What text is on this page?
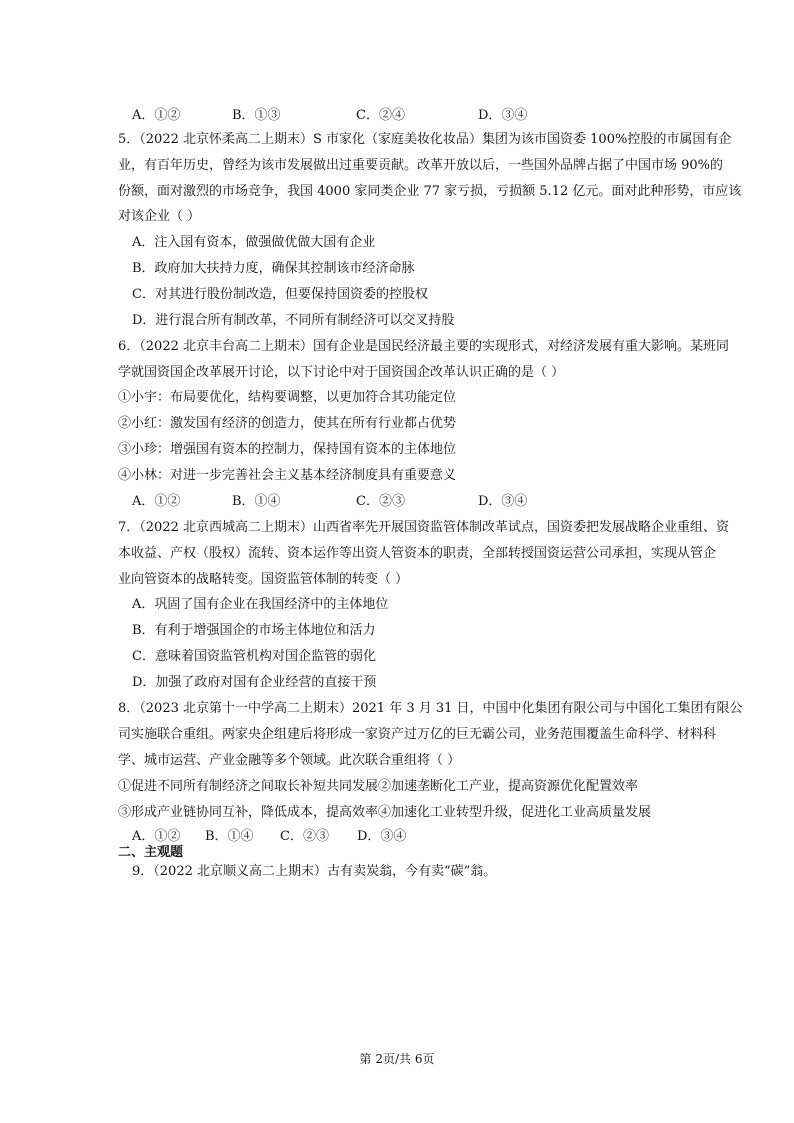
A．①②	B．①③	C．②④	D．③④
5．（2022 北京怀柔高二上期末）S 市家化（家庭美妆化妆品）集团为该市国资委 100%控股的市属国有企
业，有百年历史，曾经为该市发展做出过重要贡献。改革开放以后，一些国外品牌占据了中国市场 90%的
份额，面对激烈的市场竞争，我国 4000 家同类企业 77 家亏损，亏损额 5.12 亿元。面对此种形势，市应该
对该企业（ ）
A．注入国有资本，做强做优做大国有企业
B．政府加大扶持力度，确保其控制该市经济命脉
C．对其进行股份制改造，但要保持国资委的控股权
D．进行混合所有制改革，不同所有制经济可以交叉持股
6．（2022 北京丰台高二上期末）国有企业是国民经济最主要的实现形式，对经济发展有重大影响。某班同
学就国资国企改革展开讨论，以下讨论中对于国资国企改革认识正确的是（ ）
①小宇：布局要优化，结构要调整，以更加符合其功能定位
②小红：激发国有经济的创造力，使其在所有行业都占优势
③小珍：增强国有资本的控制力，保持国有资本的主体地位
④小林：对进一步完善社会主义基本经济制度具有重要意义
A．①②	B．①④	C．②③	D．③④
7．（2022 北京西城高二上期末）山西省率先开展国资监管体制改革试点，国资委把发展战略企业重组、资
本收益、产权（股权）流转、资本运作等出资人管资本的职责，全部转授国资运营公司承担，实现从管企
业向管资本的战略转变。国资监管体制的转变（ ）
A．巩固了国有企业在我国经济中的主体地位
B．有利于增强国企的市场主体地位和活力
C．意味着国资监管机构对国企监管的弱化
D．加强了政府对国有企业经营的直接干预
8．（2023 北京第十一中学高二上期末）2021 年 3 月 31 日，中国中化集团有限公司与中国化工集团有限公
司实施联合重组。两家央企组建后将形成一家资产过万亿的巨无霸公司，业务范围覆盖生命科学、材料科
学、城市运营、产业金融等多个领域。此次联合重组将（ ）
①促进不同所有制经济之间取长补短共同发展②加速垄断化工产业，提高资源优化配置效率
③形成产业链协同互补，降低成本，提高效率④加速化工业转型升级，促进化工业高质量发展
A．①② B．①④ C．②③ D．③④
二、主观题
9．（2022 北京顺义高二上期末）古有卖炭翁，今有卖“碳”翁。
第 2页/共 6页
